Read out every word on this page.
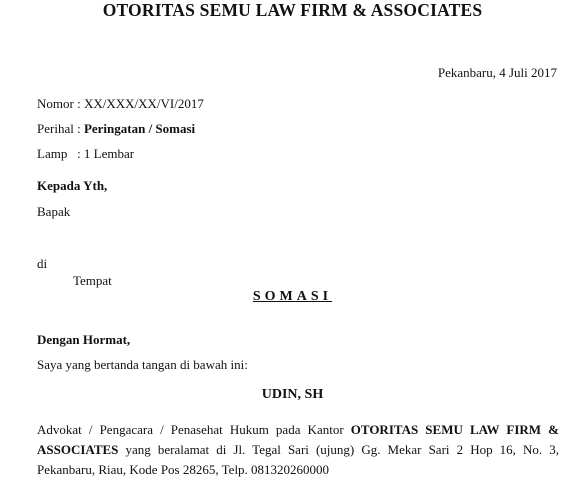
OTORITAS SEMU LAW FIRM & ASSOCIATES
Pekanbaru, 4 Juli 2017
Nomor : XX/XXX/XX/VI/2017
Perihal : Peringatan / Somasi
Lamp   : 1 Lembar
Kepada Yth,
Bapak
di
Tempat
SOMASI
Dengan Hormat,
Saya yang bertanda tangan di bawah ini:
UDIN, SH
Advokat / Pengacara / Penasehat Hukum pada Kantor OTORITAS SEMU LAW FIRM & ASSOCIATES yang beralamat di Jl. Tegal Sari (ujung) Gg. Mekar Sari 2 Hop 16, No. 3, Pekanbaru, Riau, Kode Pos 28265, Telp. 081320260000
